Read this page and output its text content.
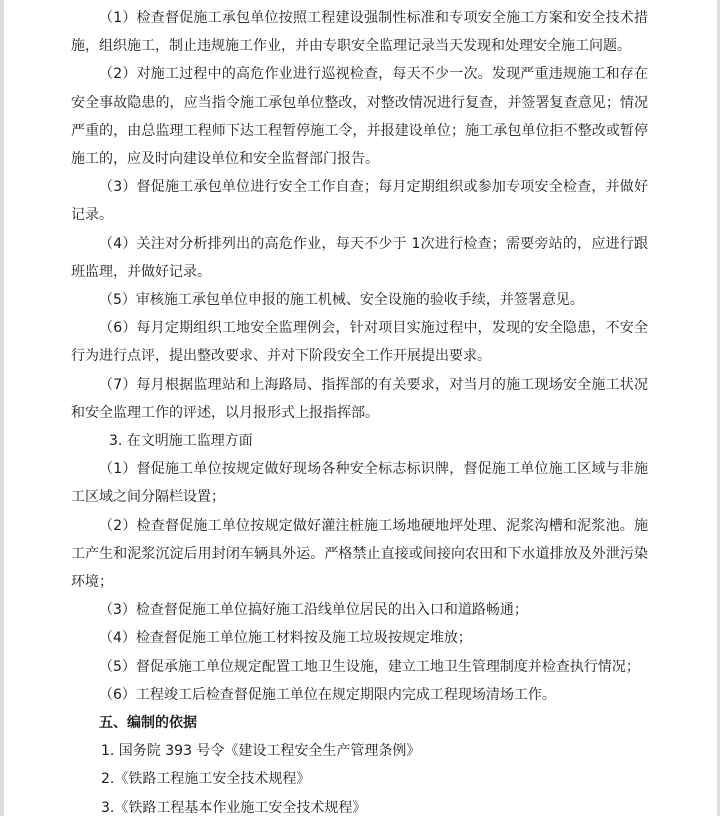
（1）检查督促施工承包单位按照工程建设强制性标准和专项安全施工方案和安全技术措施，组织施工，制止违规施工作业，并由专职安全监理记录当天发现和处理安全施工问题。

（2）对施工过程中的高危作业进行巡视检查，每天不少一次。发现严重违规施工和存在安全事故隐患的，应当指令施工承包单位整改，对整改情况进行复查，并签署复查意见；情况严重的，由总监理工程师下达工程暂停施工令，并报建设单位；施工承包单位拒不整改或暂停施工的，应及时向建设单位和安全监督部门报告。

（3）督促施工承包单位进行安全工作自查；每月定期组织或参加专项安全检查，并做好记录。

（4）关注对分析排列出的高危作业，每天不少于 1次进行检查；需要旁站的，应进行跟班监理，并做好记录。

（5）审核施工承包单位申报的施工机械、安全设施的验收手续，并签署意见。

（6）每月定期组织工地安全监理例会，针对项目实施过程中，发现的安全隐患，不安全行为进行点评，提出整改要求、并对下阶段安全工作开展提出要求。

（7）每月根据监理站和上海路局、指挥部的有关要求，对当月的施工现场安全施工状况和安全监理工作的评述，以月报形式上报指挥部。

3. 在文明施工监理方面

（1）督促施工单位按规定做好现场各种安全标志标识牌，督促施工单位施工区域与非施工区域之间分隔栏设置；

（2）检查督促施工单位按规定做好灌注桩施工场地硬地坪处理、泥浆沟槽和泥浆池。施工产生和泥浆沉淀后用封闭车辆具外运。严格禁止直接或间接向农田和下水道排放及外泄污染环境；

（3）检查督促施工单位搞好施工沿线单位居民的出入口和道路畅通；

（4）检查督促施工单位施工材料按及施工垃圾按规定堆放；

（5）督促承施工单位规定配置工地卫生设施，建立工地卫生管理制度并检查执行情况；

（6）工程竣工后检查督促施工单位在规定期限内完成工程现场清场工作。

五、编制的依据

1. 国务院 393 号令《建设工程安全生产管理条例》

2.《铁路工程施工安全技术规程》

3.《铁路工程基本作业施工安全技术规程》
